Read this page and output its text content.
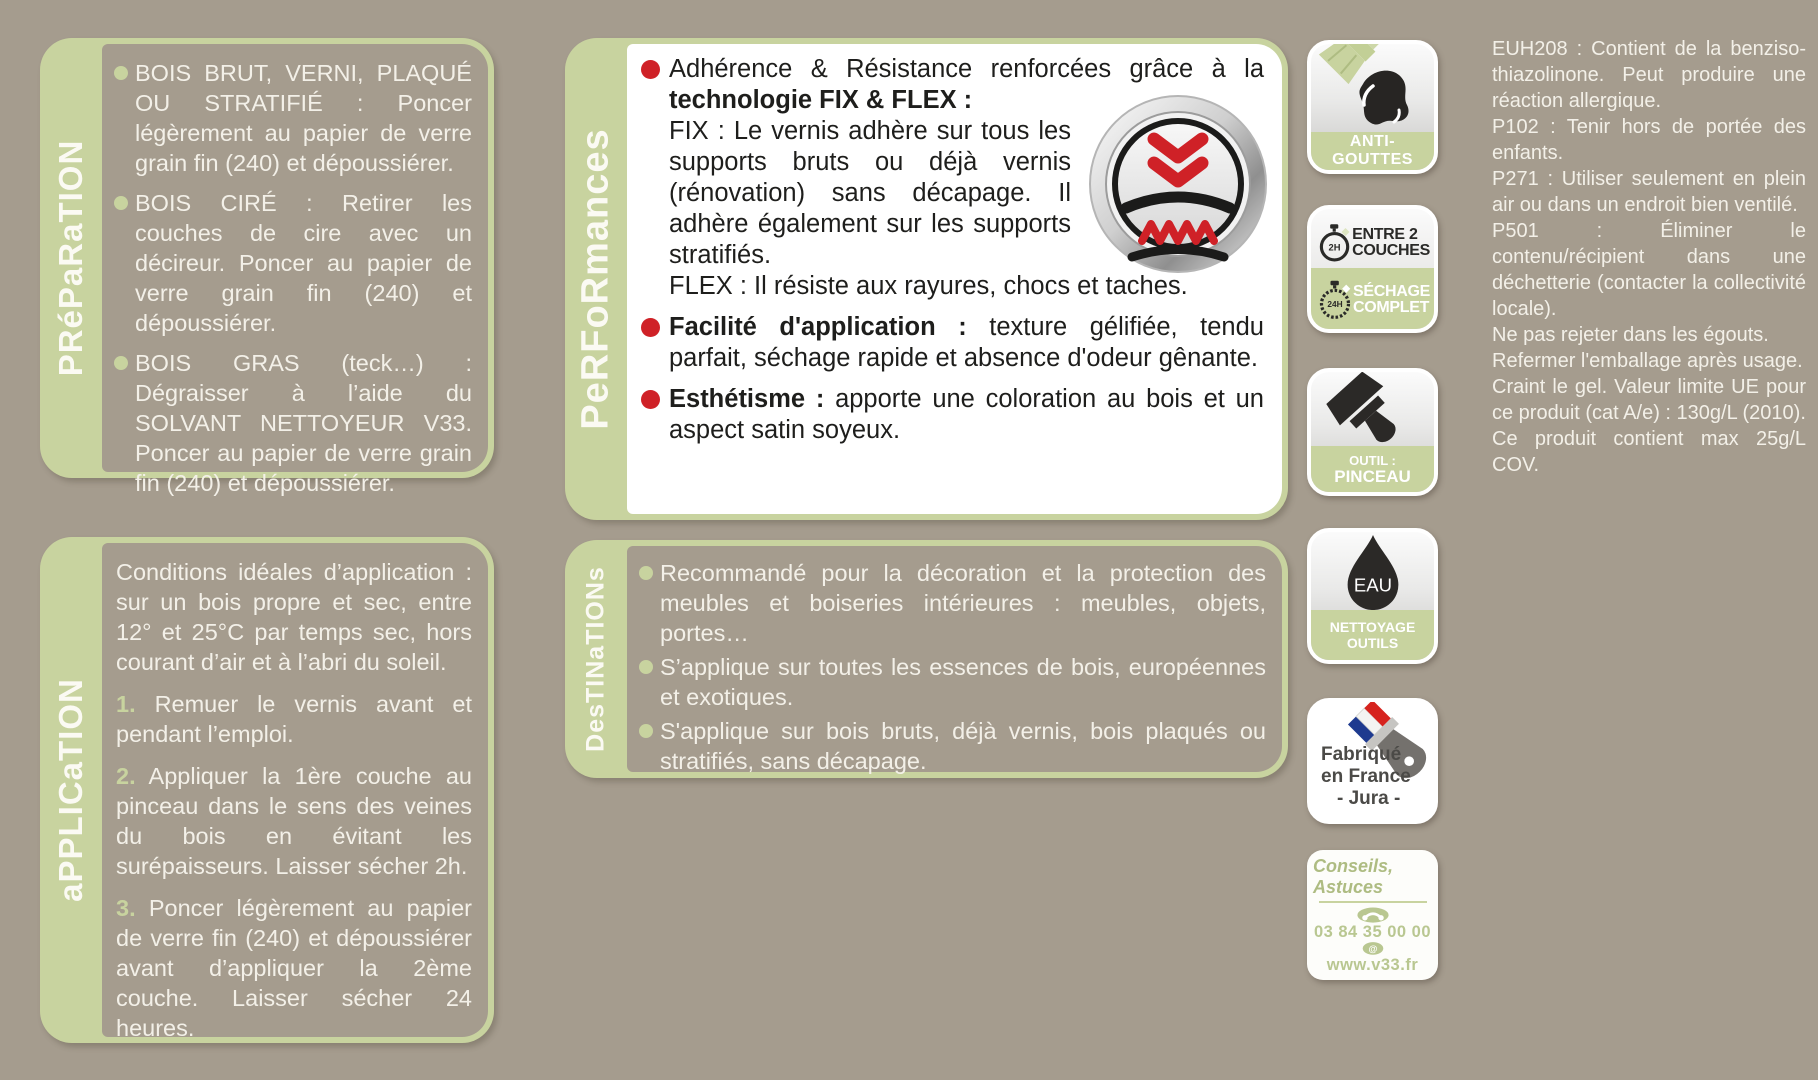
PRéPaRaTION

BOIS BRUT, VERNI, PLAQUÉ OU STRATIFIÉ : Poncer légèrement au papier de verre grain fin (240) et dépoussiérer.

BOIS CIRÉ : Retirer les couches de cire avec un décireur. Poncer au papier de verre grain fin (240) et dépoussiérer.

BOIS GRAS (teck…) : Dégraisser à l’aide du SOLVANT NETTOYEUR V33. Poncer au papier de verre grain fin (240) et dépoussiérer.

aPPLICaTION

Conditions idéales d’application : sur un bois propre et sec, entre 12° et 25°C par temps sec, hors courant d’air et à l’abri du soleil.

1. Remuer le vernis avant et pendant l’emploi.

2. Appliquer la 1ère couche au pinceau dans le sens des veines du bois en évitant les surépaisseurs. Laisser sécher 2h.

3. Poncer légèrement au papier de verre fin (240) et dépoussiérer avant d’appliquer la 2ème couche. Laisser sécher 24 heures.

PeRFoRmances
Adhérence & Résistance renforcées grâce à la technologie FIX & FLEX :
FIX : Le vernis adhère sur tous les supports bruts ou déjà vernis (rénovation) sans décapage. Il adhère également sur les supports stratifiés.
FLEX : Il résiste aux rayures, chocs et taches.
Facilité d'application : texture gélifiée, tendu parfait, séchage rapide et absence d'odeur gênante.
Esthétisme : apporte une coloration au bois et un aspect satin soyeux.
DesTINaTIONs Recommandé pour la décoration et la protection des meubles et boiseries intérieures : meubles, objets, portes…

S’applique sur toutes les essences de bois, européennes et exotiques.

S'applique sur bois bruts, déjà vernis, bois plaqués ou stratifiés, sans décapage.

ANTI-GOUTTES
2H
ENTRE 2
COUCHES
24H
SÉCHAGE
COMPLET
OUTIL :
PINCEAU
EAU
NETTOYAGE
OUTILS
Fabriqué
en France
- Jura -
Conseils, Astuces
03 84 35 00 00
@
www.v33.fr

EUH208 : Contient de la benziso-thiazolinone. Peut produire une réaction allergique.

P102 : Tenir hors de portée des enfants.

P271 : Utiliser seulement en plein air ou dans un endroit bien ventilé.

P501 : Éliminer le contenu/récipient dans une déchetterie (contacter la collectivité locale).

Ne pas rejeter dans les égouts.

Refermer l'emballage après usage.

Craint le gel. Valeur limite UE pour ce produit (cat A/e) : 130g/L (2010).

Ce produit contient max 25g/L COV.
